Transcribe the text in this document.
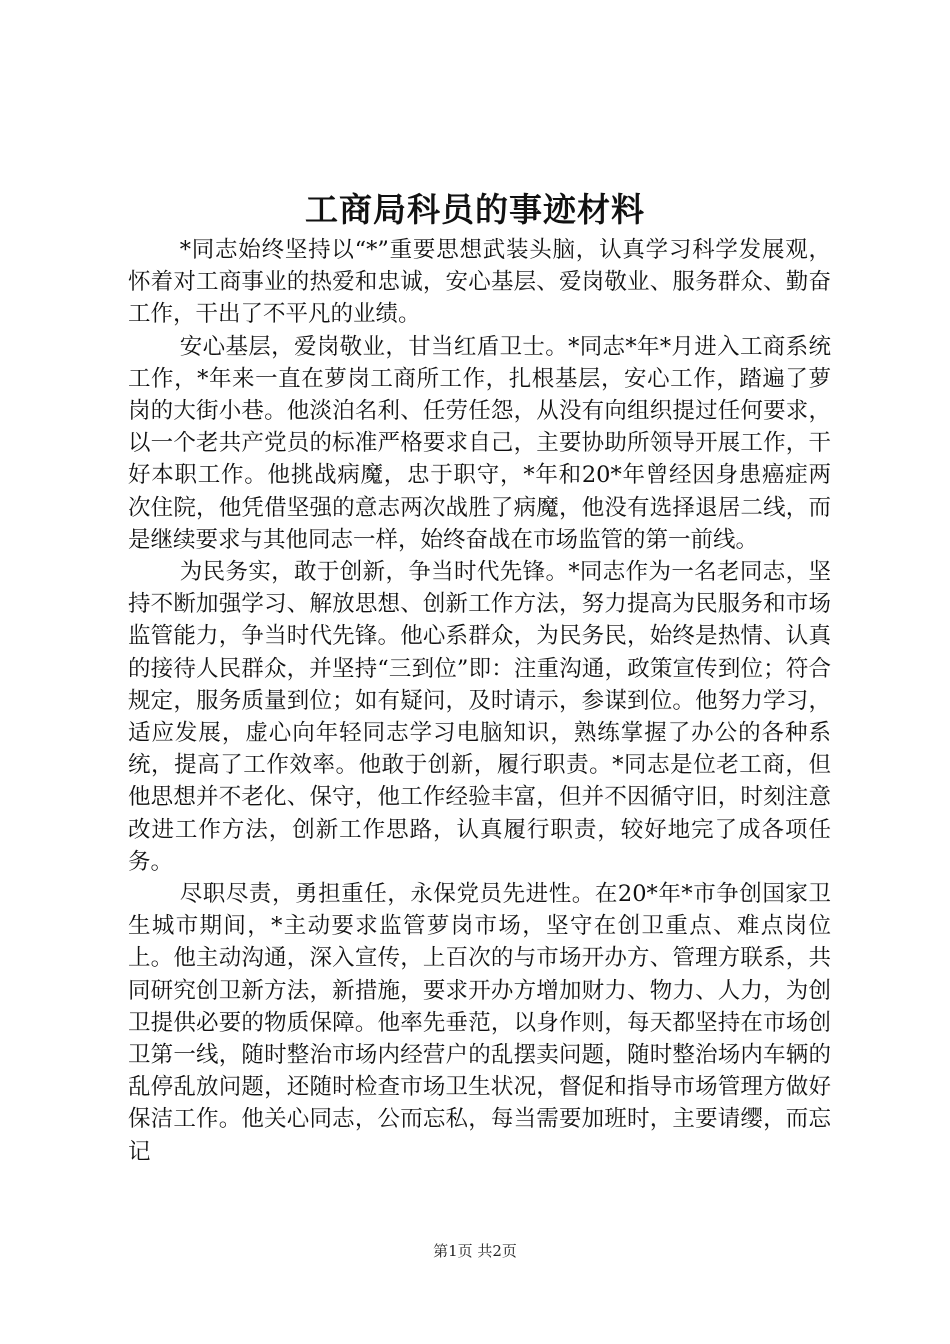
工商局科员的事迹材料

*同志始终坚持以“*”重要思想武装头脑，认真学习科学发展观，怀着对工商事业的热爱和忠诚，安心基层、爱岗敬业、服务群众、勤奋工作，干出了不平凡的业绩。

安心基层，爱岗敬业，甘当红盾卫士。*同志*年*月进入工商系统工作，*年来一直在萝岗工商所工作，扎根基层，安心工作，踏遍了萝岗的大街小巷。他淡泊名利、任劳任怨，从没有向组织提过任何要求，以一个老共产党员的标准严格要求自己，主要协助所领导开展工作，干好本职工作。他挑战病魔，忠于职守，*年和20*年曾经因身患癌症两次住院，他凭借坚强的意志两次战胜了病魔，他没有选择退居二线，而是继续要求与其他同志一样，始终奋战在市场监管的第一前线。

为民务实，敢于创新，争当时代先锋。*同志作为一名老同志，坚持不断加强学习、解放思想、创新工作方法，努力提高为民服务和市场监管能力，争当时代先锋。他心系群众，为民务民，始终是热情、认真的接待人民群众，并坚持“三到位”即：注重沟通，政策宣传到位；符合规定，服务质量到位；如有疑问，及时请示，参谋到位。他努力学习，适应发展，虚心向年轻同志学习电脑知识，熟练掌握了办公的各种系统，提高了工作效率。他敢于创新，履行职责。*同志是位老工商，但他思想并不老化、保守，他工作经验丰富，但并不因循守旧，时刻注意改进工作方法，创新工作思路，认真履行职责，较好地完了成各项任务。

尽职尽责，勇担重任，永保党员先进性。在20*年*市争创国家卫生城市期间，*主动要求监管萝岗市场，坚守在创卫重点、难点岗位上。他主动沟通，深入宣传，上百次的与市场开办方、管理方联系，共同研究创卫新方法，新措施，要求开办方增加财力、物力、人力，为创卫提供必要的物质保障。他率先垂范，以身作则，每天都坚持在市场创卫第一线，随时整治市场内经营户的乱摆卖问题，随时整治场内车辆的乱停乱放问题，还随时检查市场卫生状况，督促和指导市场管理方做好保洁工作。他关心同志，公而忘私，每当需要加班时，主要请缨，而忘记

第1页 共2页
